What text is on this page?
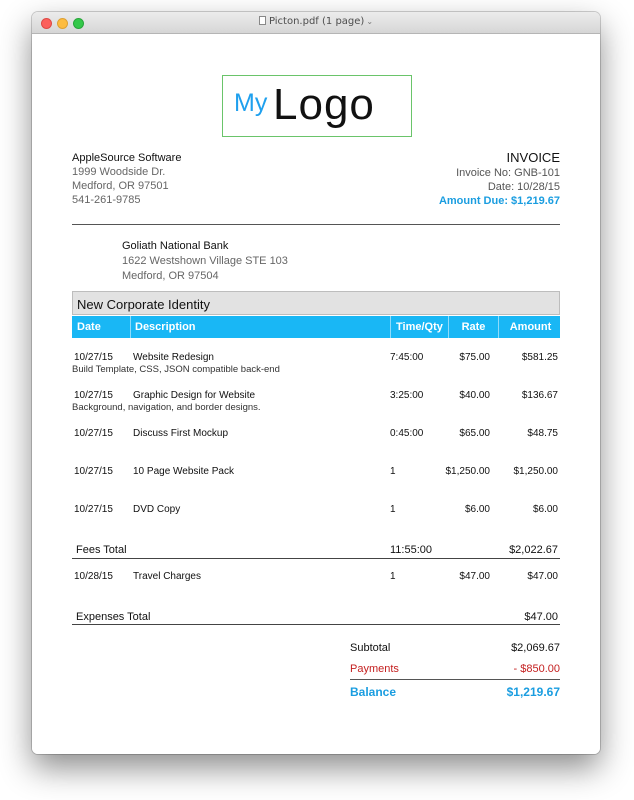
Picton.pdf (1 page) ⌄
My Logo
AppleSource Software
1999 Woodside Dr.
Medford, OR 97501
541-261-9785
INVOICE
Invoice No: GNB-101
Date: 10/28/15
Amount Due: $1,219.67
Goliath National Bank
1622 Westshown Village STE 103
Medford, OR 97504
New Corporate Identity
Date	Description	Time/Qty	Rate	Amount
10/27/15 Website Redesign	7:45:00	$75.00	$581.25
Build Template, CSS, JSON compatible back-end
10/27/15 Graphic Design for Website	3:25:00	$40.00	$136.67
Background, navigation, and border designs.
10/27/15 Discuss First Mockup	0:45:00	$65.00	$48.75
10/27/15 10 Page Website Pack	1	$1,250.00 $1,250.00
10/27/15 DVD Copy	1	$6.00	$6.00
Fees Total	11:55:00	$2,022.67
10/28/15 Travel Charges	1	$47.00	$47.00
Expenses Total	$47.00
Subtotal	$2,069.67
Payments	- $850.00
Balance	$1,219.67
